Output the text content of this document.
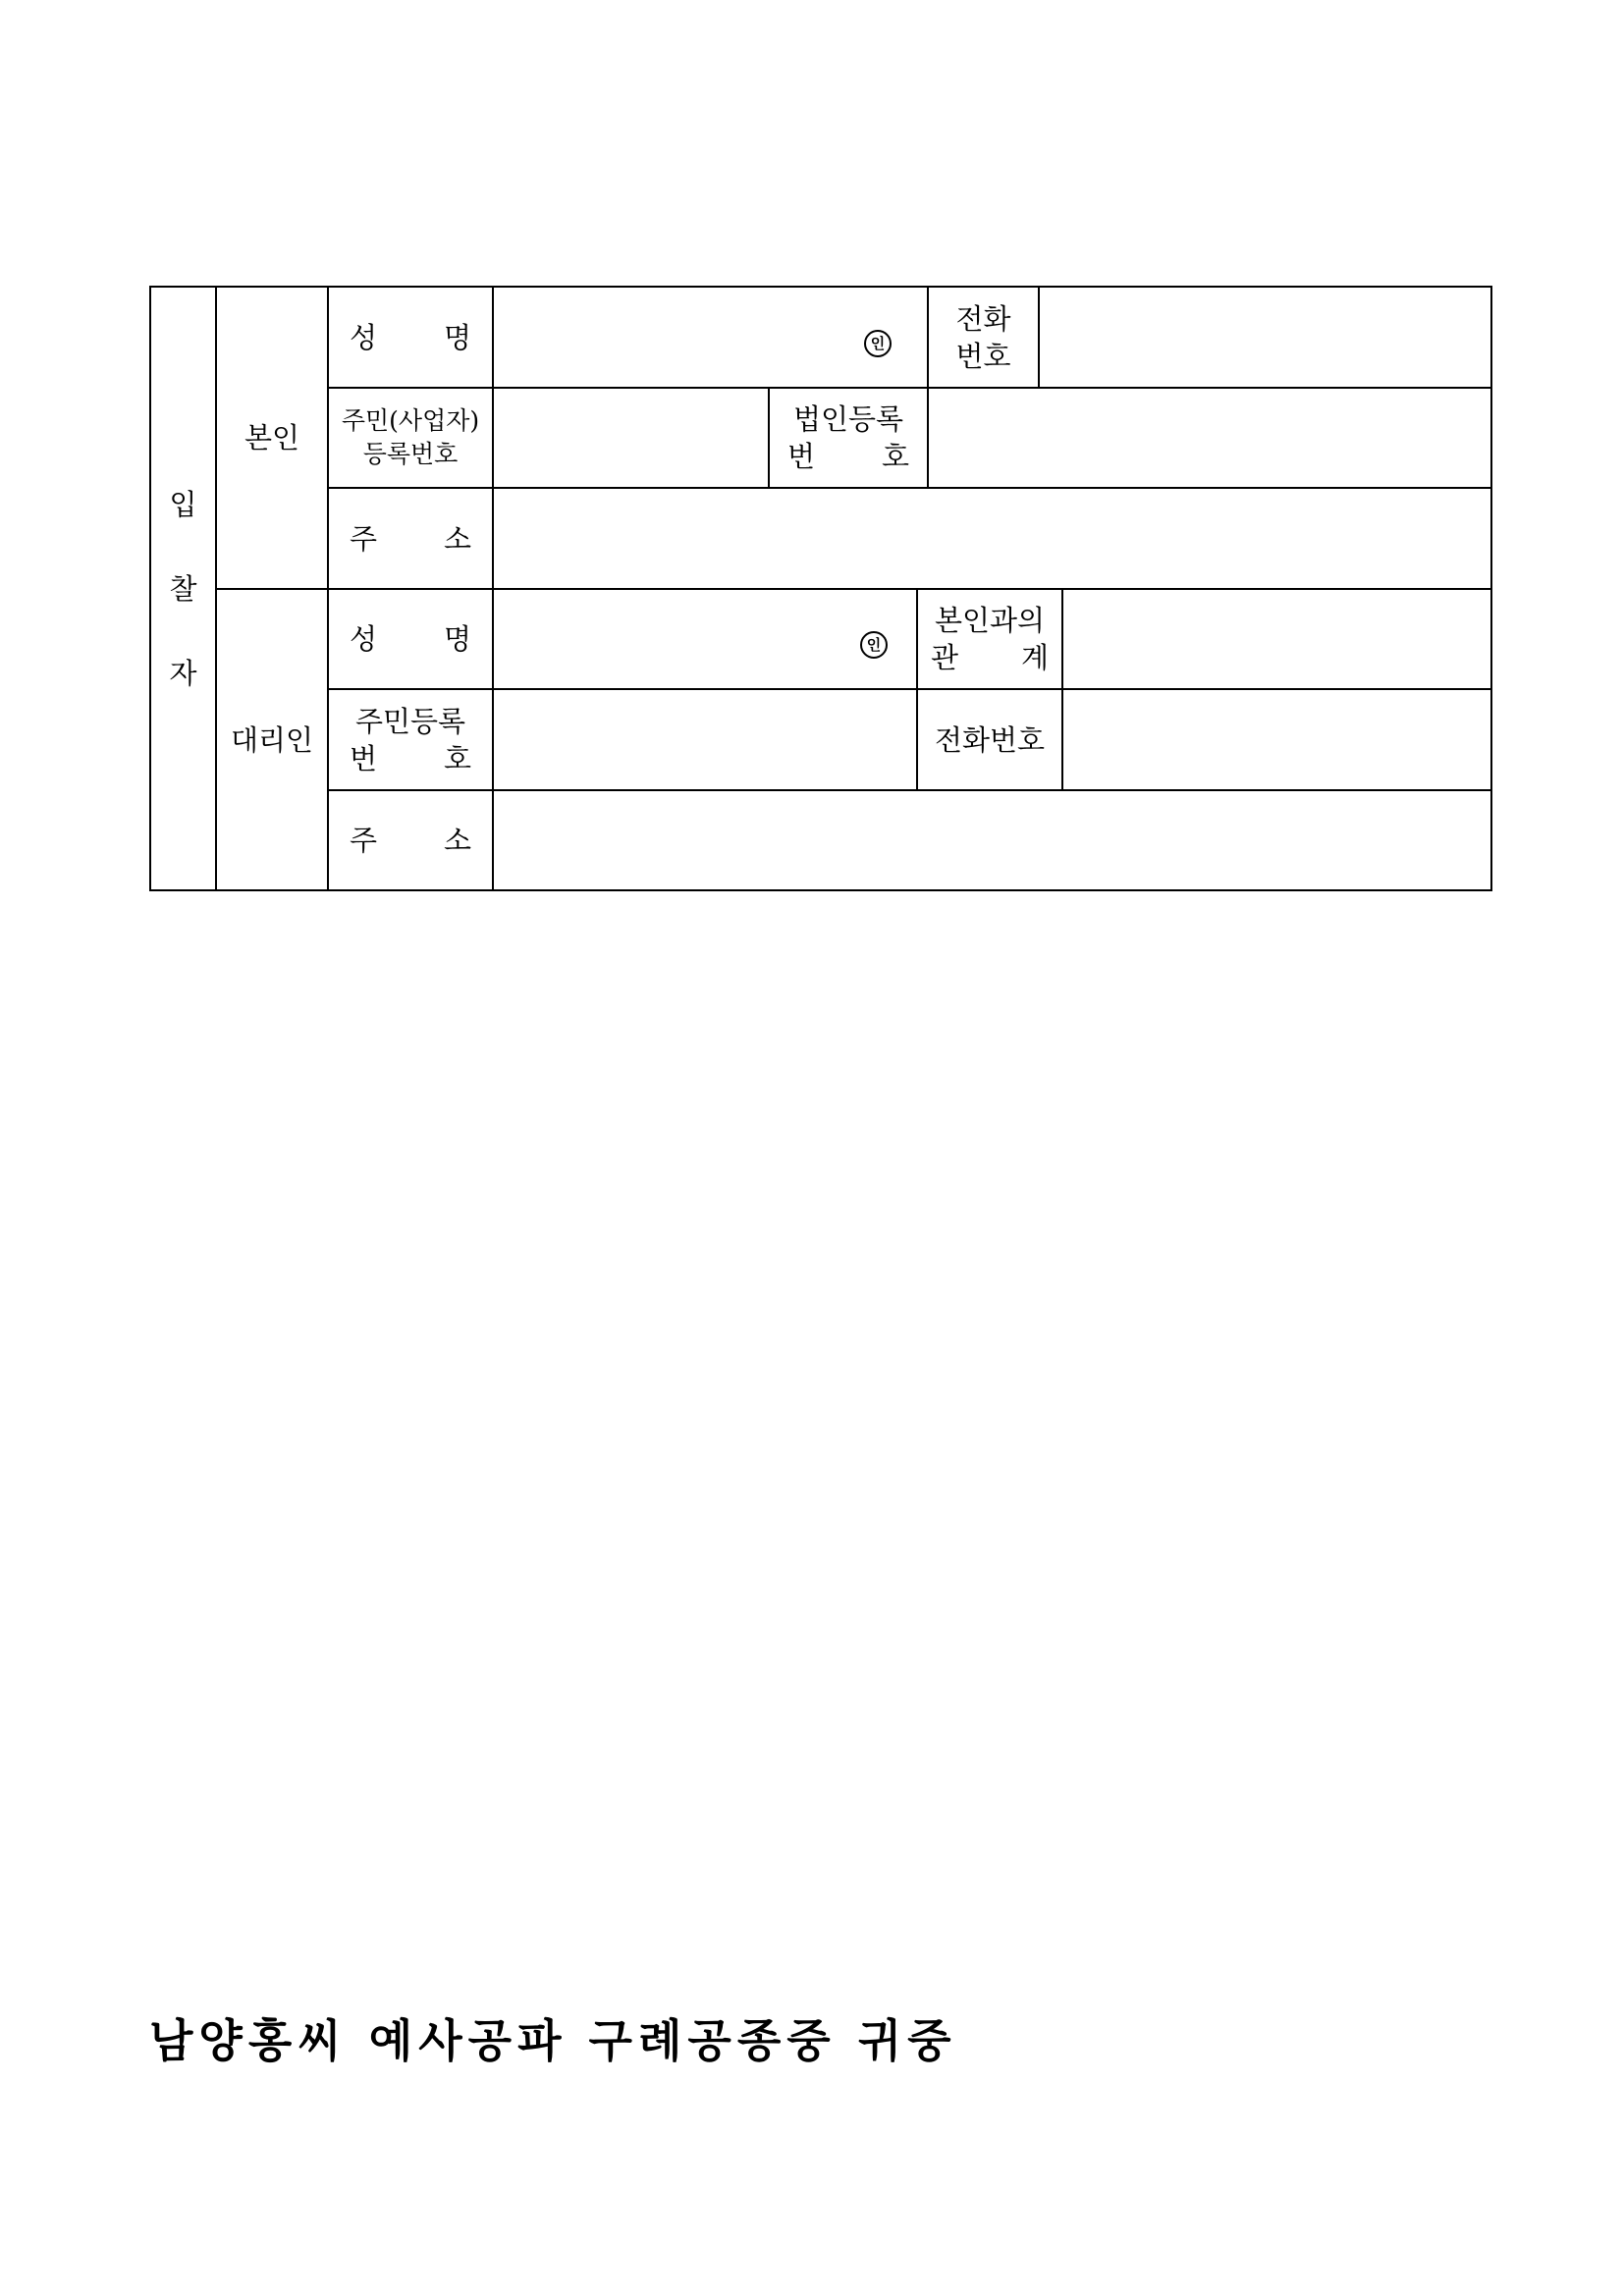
입
찰
자
본인
성 명	인
전화
번호
주민(사업자)
등록번호
법인등록
번 호
주 소
대리인
성 명	인
본인과의
관 계
주민등록
번 호
전화번호
주 소
남양홍씨 예사공파 구례공종중 귀중
